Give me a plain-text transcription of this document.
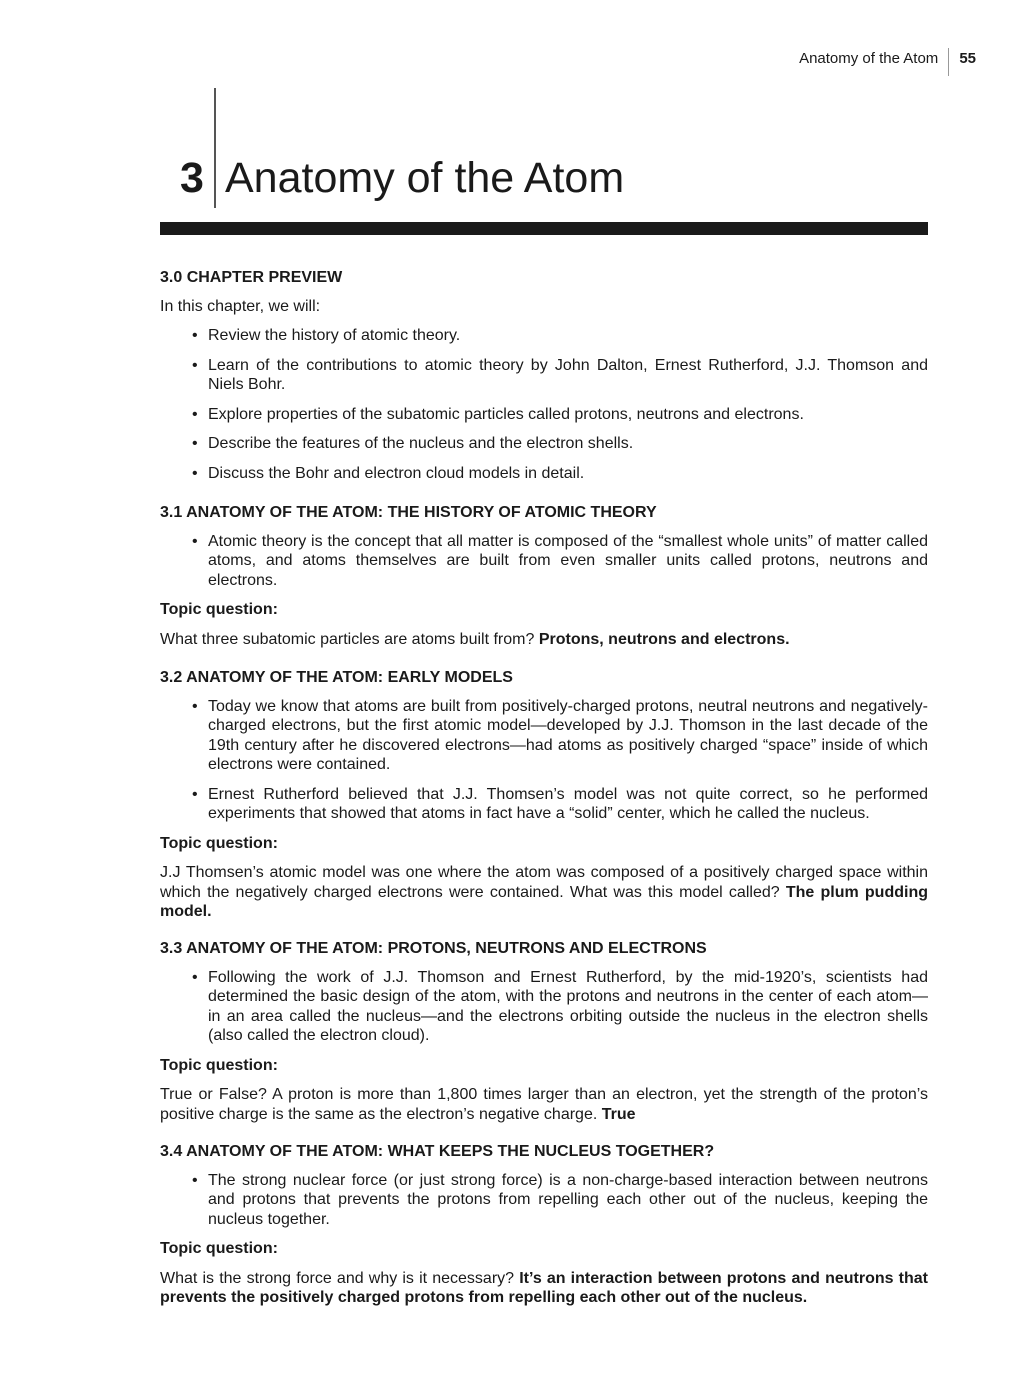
Anatomy of the Atom	55
3 Anatomy of the Atom
3.0 CHAPTER PREVIEW
In this chapter, we will:
• Review the history of atomic theory.
• Learn of the contributions to atomic theory by John Dalton, Ernest Rutherford, J.J. Thomson and Niels Bohr.
• Explore properties of the subatomic particles called protons, neutrons and electrons.
• Describe the features of the nucleus and the electron shells.
• Discuss the Bohr and electron cloud models in detail.
3.1 ANATOMY OF THE ATOM: THE HISTORY OF ATOMIC THEORY
• Atomic theory is the concept that all matter is composed of the “smallest whole units” of matter called atoms, and atoms themselves are built from even smaller units called protons, neutrons and electrons.
Topic question:
What three subatomic particles are atoms built from? Protons, neutrons and electrons.
3.2 ANATOMY OF THE ATOM: EARLY MODELS
• Today we know that atoms are built from positively-charged protons, neutral neutrons and negatively-charged electrons, but the first atomic model—developed by J.J. Thomson in the last decade of the 19th century after he discovered electrons—had atoms as positively charged “space” inside of which electrons were contained.
• Ernest Rutherford believed that J.J. Thomsen’s model was not quite correct, so he performed experiments that showed that atoms in fact have a “solid” center, which he called the nucleus.
Topic question:
J.J Thomsen’s atomic model was one where the atom was composed of a positively charged space within which the negatively charged electrons were contained. What was this model called? The plum pudding model.
3.3 ANATOMY OF THE ATOM: PROTONS, NEUTRONS AND ELECTRONS
• Following the work of J.J. Thomson and Ernest Rutherford, by the mid-1920’s, scientists had determined the basic design of the atom, with the protons and neutrons in the center of each atom—in an area called the nucleus—and the electrons orbiting outside the nucleus in the electron shells (also called the electron cloud).
Topic question:
True or False? A proton is more than 1,800 times larger than an electron, yet the strength of the proton’s positive charge is the same as the electron’s negative charge. True
3.4 ANATOMY OF THE ATOM: WHAT KEEPS THE NUCLEUS TOGETHER?
• The strong nuclear force (or just strong force) is a non-charge-based interaction between neutrons and protons that prevents the protons from repelling each other out of the nucleus, keeping the nucleus together.
Topic question:
What is the strong force and why is it necessary? It’s an interaction between protons and neutrons that prevents the positively charged protons from repelling each other out of the nucleus.
